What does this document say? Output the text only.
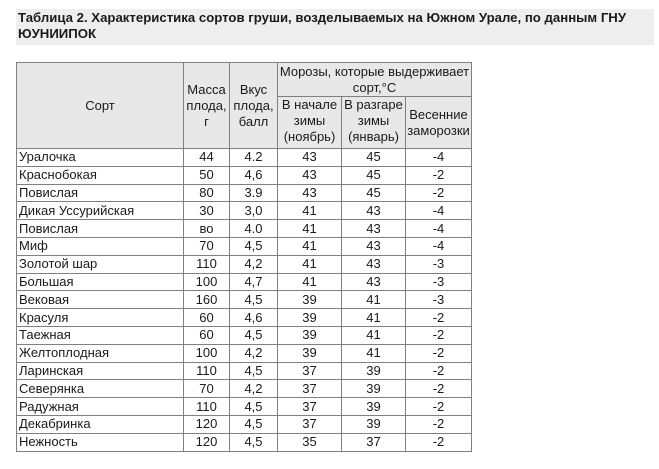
Таблица 2. Характеристика сортов груши, возделываемых на Южном Урале, по данным ГНУ ЮУНИИПОК
Сорт	Масса плода, г	Вкус плода, балл	Морозы, которые выдерживает сорт,°С		
			В начале зимы (ноябрь)	В разгаре зимы (январь)	Весенние заморозки
Уралочка	44	4.2	43	45	-4
Краснобокая	50	4,6	43	45	-2
Повислая	80	3.9	43	45	-2
Дикая Уссурийская	30	3,0	41	43	-4
Повислая	во	4.0	41	43	-4
Миф	70	4,5	41	43	-4
Золотой шар	110	4,2	41	43	-3
Большая	100	4,7	41	43	-3
Вековая	160	4,5	39	41	-3
Красуля	60	4,6	39	41	-2
Таежная	60	4,5	39	41	-2
Желтоплодная	100	4,2	39	41	-2
Ларинская	110	4,5	37	39	-2
Северянка	70	4,2	37	39	-2
Радужная	110	4,5	37	39	-2
Декабринка	120	4,5	37	39	-2
Нежность	120	4,5	35	37	-2
